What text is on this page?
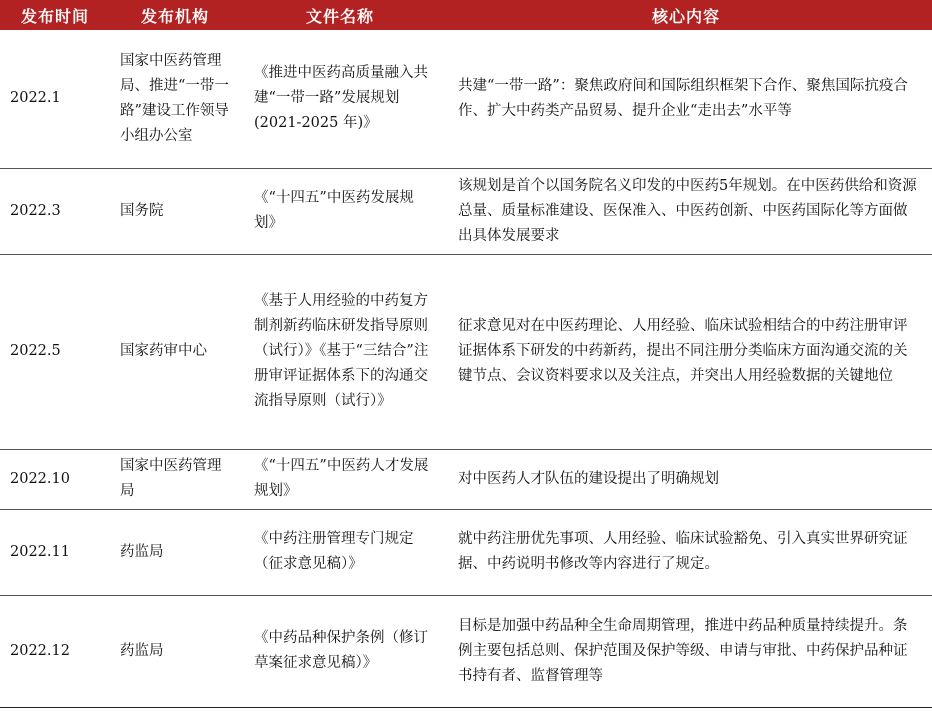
发布时间	发布机构	文件名称	核心内容
2022.1	国家中医药管理局、推进“一带一路”建设工作领导小组办公室	《推进中医药高质量融入共建“一带一路”发展规划(2021-2025 年)》	共建“一带一路”：聚焦政府间和国际组织框架下合作、聚焦国际抗疫合作、扩大中药类产品贸易、提升企业“走出去”水平等
2022.3	国务院	《“十四五”中医药发展规划》	该规划是首个以国务院名义印发的中医药5年规划。在中医药供给和资源总量、质量标准建设、医保准入、中医药创新、中医药国际化等方面做出具体发展要求
2022.5	国家药审中心	《基于人用经验的中药复方制剂新药临床研发指导原则（试行）》《基于“三结合”注册审评证据体系下的沟通交流指导原则（试行）》	征求意见对在中医药理论、人用经验、临床试验相结合的中药注册审评证据体系下研发的中药新药，提出不同注册分类临床方面沟通交流的关键节点、会议资料要求以及关注点，并突出人用经验数据的关键地位
2022.10	国家中医药管理局	《“十四五”中医药人才发展规划》	对中医药人才队伍的建设提出了明确规划
2022.11	药监局	《中药注册管理专门规定（征求意见稿）》	就中药注册优先事项、人用经验、临床试验豁免、引入真实世界研究证据、中药说明书修改等内容进行了规定。
2022.12	药监局	《中药品种保护条例（修订草案征求意见稿）》	目标是加强中药品种全生命周期管理，推进中药品种质量持续提升。条例主要包括总则、保护范围及保护等级、申请与审批、中药保护品种证书持有者、监督管理等
